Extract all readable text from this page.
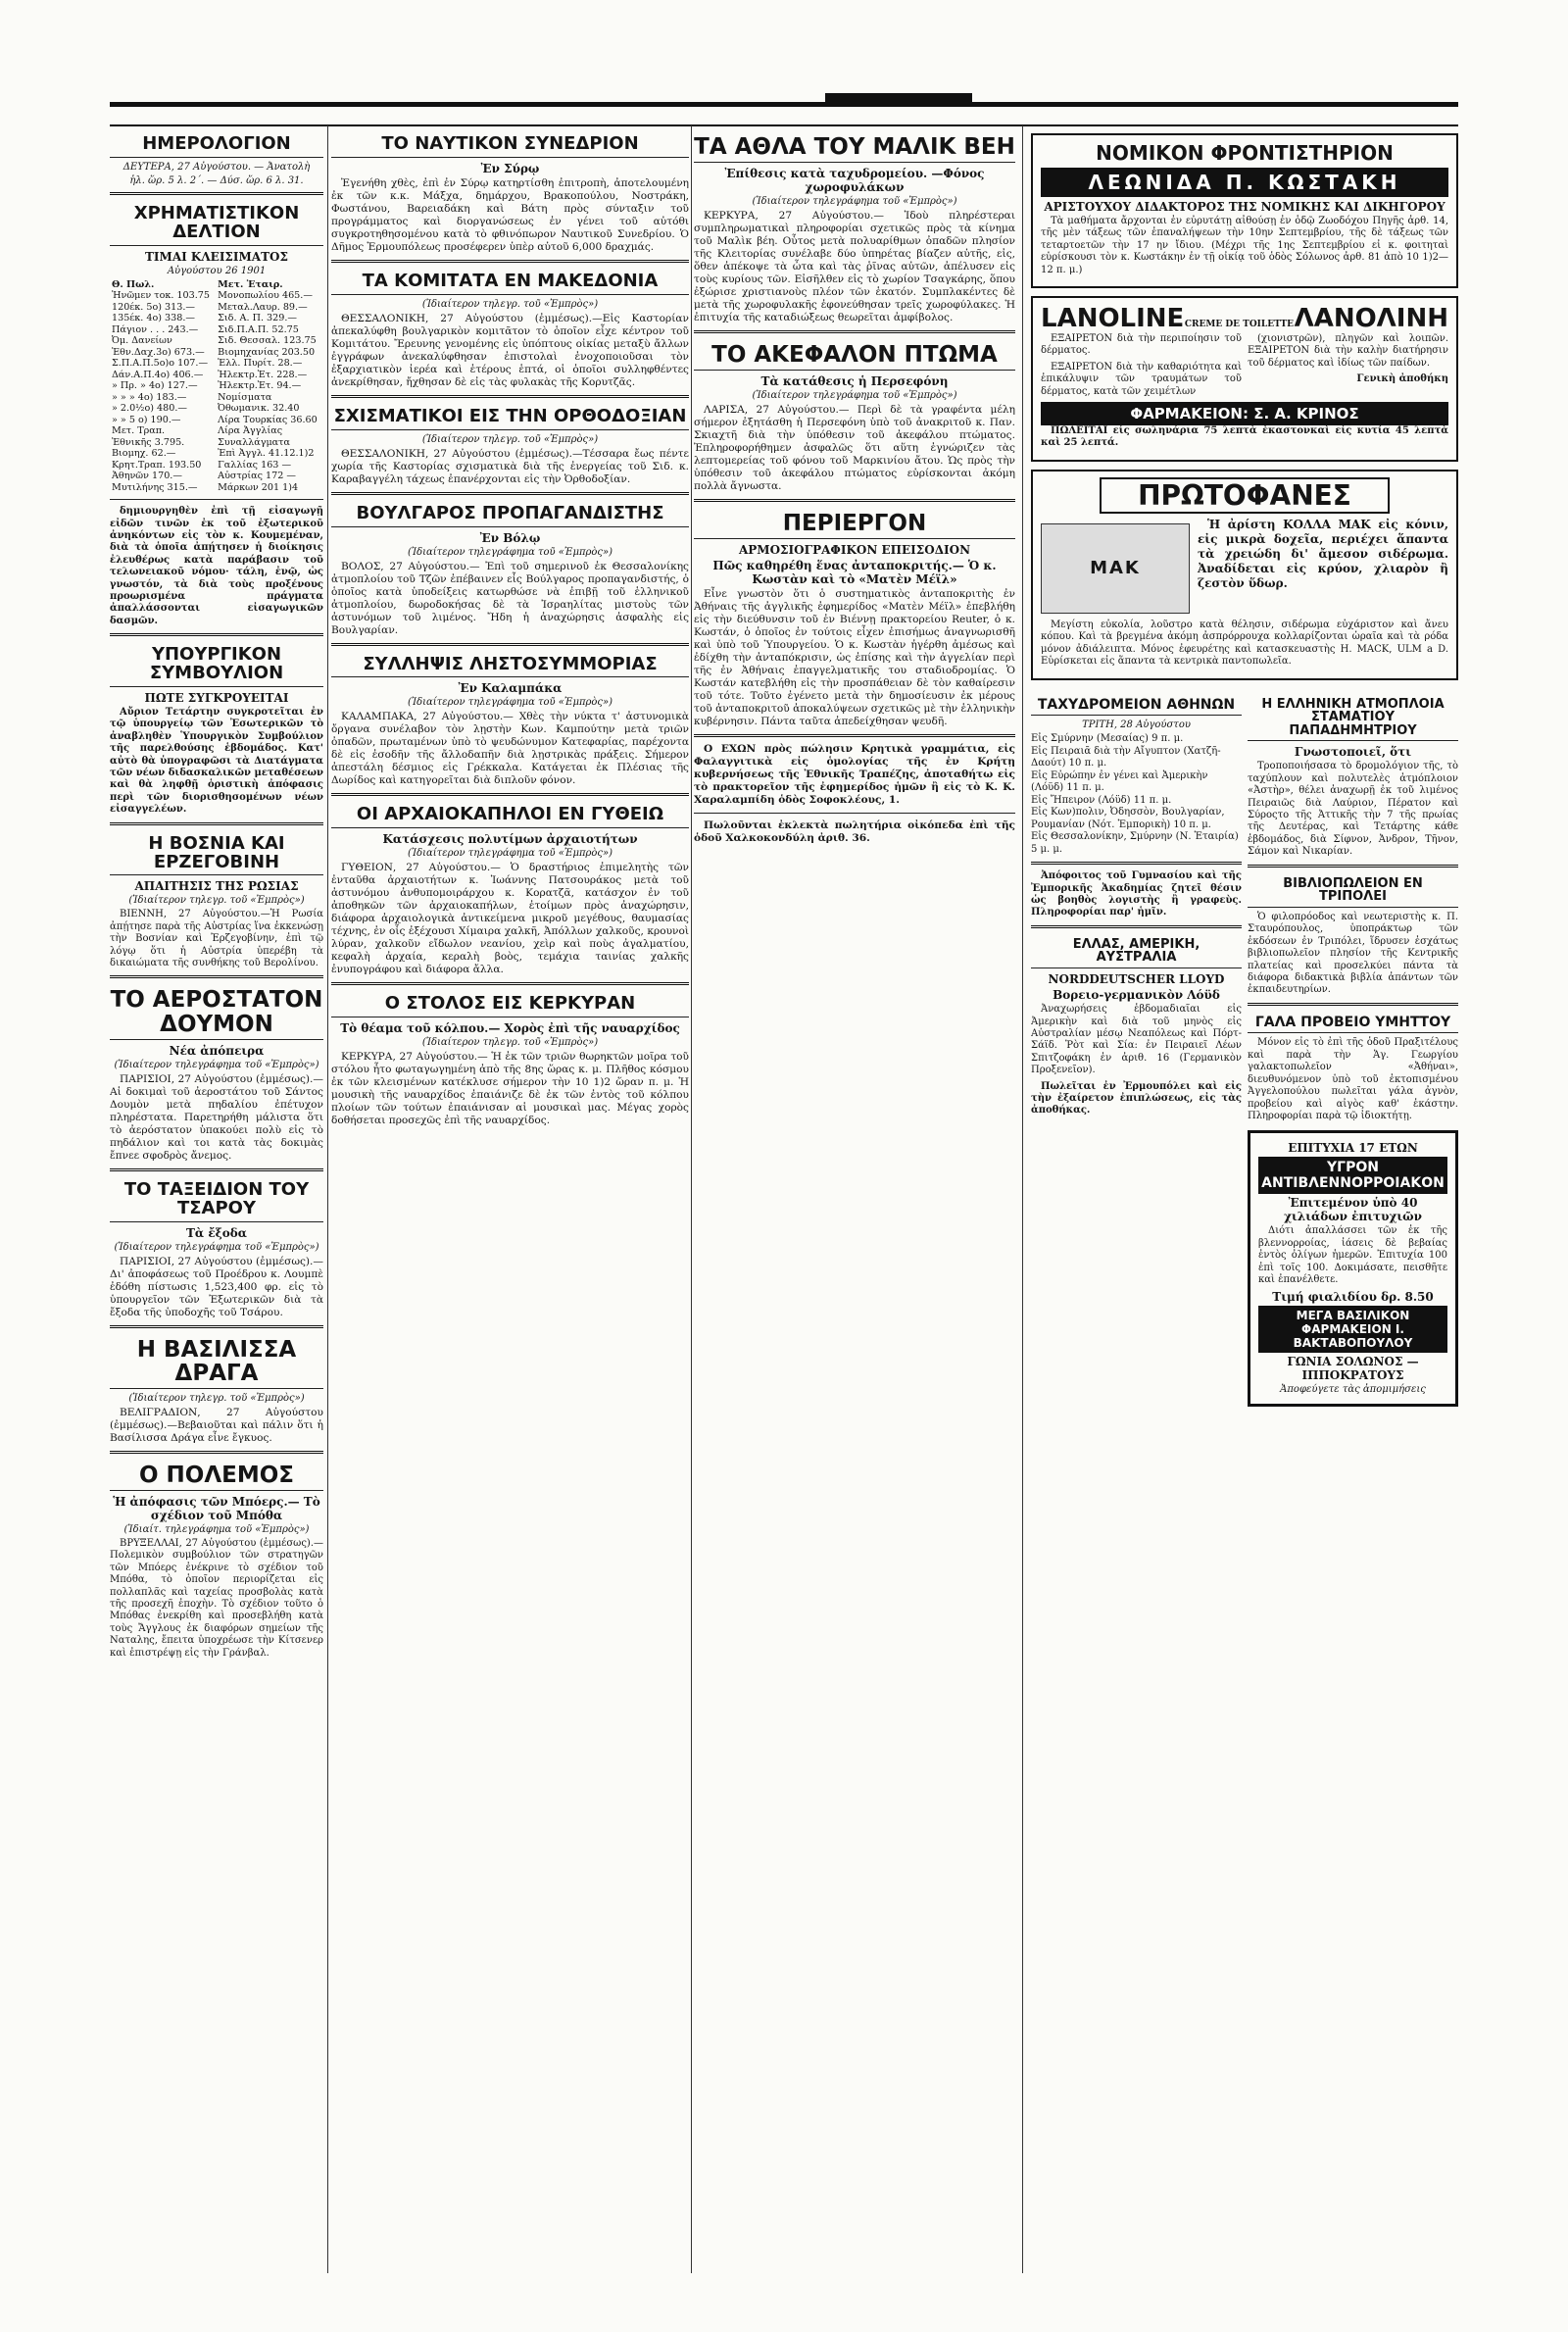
ΗΜΕΡΟΛΟΓΙΟΝ
ΔΕΥΤΕΡΑ, 27 Αὐγούστου. — Ἀνατολὴ
ἡλ. ὥρ. 5 λ. 2΄. — Δύσ. ὥρ. 6 λ. 31.
ΧΡΗΜΑΤΙΣΤΙΚΟΝ ΔΕΛΤΙΟΝ
ΤΙΜΑΙ ΚΛΕΙΣΙΜΑΤΟΣ
Αὐγούστου 26 1901
Θ. Πωλ.	Μετ. Ἑταιρ.
Ἡνῶμεν τοκ. 103.75	Μονοπωλίου 465.—
120έκ. 5ο) 313.—	Μεταλ.Λαυρ. 89.—
135έκ. 4ο) 338.—	Σιδ. Α. Π. 329.—
Πάγιον . . . 243.—	Σιδ.Π.Α.Π. 52.75
Ὀμ. Δανείων	Σιδ. Θεσσαλ. 123.75
Ἐθν.Δαχ.3ο) 673.—	Βιομηχανίας 203.50
Σ.Π.Α.Π.5ο)ο 107.—	Ἑλλ. Πυρίτ. 28.—
Δάν.Α.Π.4ο) 406.—	Ἠλεκτρ.Ἑτ. 228.—
» Πρ. » 4ο) 127.—	Ἠλεκτρ.Ἐτ. 94.—
» » » 4ο) 183.—	Νομίσματα
» 2.0½ο) 480.—	Ὀθωμανικ. 32.40
» » 5 ο) 190.—	Λίρα Τουρκίας 36.60
Μετ. Τραπ.	Λίρα Ἀγγλίας
Ἐθνικῆς 3.795.	Συναλλάγματα
Βιομηχ. 62.—	Ἐπὶ Ἀγγλ. 41.12.1)2
Κρητ.Τραπ. 193.50	Γαλλίας 163 —
Ἀθηνῶν 170.—	Αὐστρίας 172 —
Μυτιλήνης 315.—	Μάρκων 201 1)4

δημιουργηθὲν ἐπὶ τῇ εἰσαγωγῇ εἰδῶν τινῶν ἐκ τοῦ ἐξωτερικοῦ ἀνηκόντων εἰς τὸν κ. Κουμεμέναν, διὰ τὰ ὁποῖα ἀπῄτησεν ἡ διοίκησις ἐλευθέρως κατὰ παράβασιν τοῦ τελωνειακοῦ νόμου· τάλη, ἐνῷ, ὡς γνωστόν, τὰ διὰ τοὺς προξένους προωρισμένα πράγματα ἀπαλλάσσονται εἰσαγωγικῶν δασμῶν.

ΥΠΟΥΡΓΙΚΟΝ ΣΥΜΒΟΥΛΙΟΝ
ΠΩΤΕ ΣΥΓΚΡΟΥΕΙΤΑΙ

Αὔριον Τετάρτην συγκροτεῖται ἐν τῷ ὑπουργείῳ τῶν Ἐσωτερικῶν τὸ ἀναβληθὲν Ὑπουργικὸν Συμβούλιον τῆς παρελθούσης ἑβδομάδος. Κατ' αὐτὸ θὰ ὑπογραφῶσι τὰ Διατάγματα τῶν νέων διδασκαλικῶν μεταθέσεων καὶ θὰ ληφθῇ ὁριστικὴ ἀπόφασις περὶ τῶν διορισθησομένων νέων εἰσαγγελέων.

Η ΒΟΣΝΙΑ ΚΑΙ ΕΡΖΕΓΟΒΙΝΗ
ΑΠΑΙΤΗΣΙΣ ΤΗΣ ΡΩΣΙΑΣ
(Ἰδιαίτερον τηλεγρ. τοῦ «Ἐμπρὸς»)

ΒΙΕΝΝΗ, 27 Αὐγούστου.—Ἡ Ρωσία ἀπῄτησε παρὰ τῆς Αὐστρίας ἵνα ἐκκενώσῃ τὴν Βοσνίαν καὶ Ἐρζεγοβίνην, ἐπὶ τῷ λόγῳ ὅτι ἡ Αὐστρία ὑπερέβη τὰ δικαιώματα τῆς συνθήκης τοῦ Βερολίνου.

ΤΟ ΑΕΡΟΣΤΑΤΟΝ ΔΟΥΜΟΝ
Νέα ἀπόπειρα
(Ἰδιαίτερον τηλεγράφημα τοῦ «Ἐμπρὸς»)

ΠΑΡΙΣΙΟΙ, 27 Αὐγούστου (ἐμμέσως).—Αἱ δοκιμαὶ τοῦ ἀεροστάτου τοῦ Σάντος Δουμὸν μετὰ πηδαλίου ἐπέτυχον πληρέστατα. Παρετηρήθη μάλιστα ὅτι τὸ ἀερόστατον ὑπακούει πολὺ εἰς τὸ πηδάλιον καὶ τοι κατὰ τὰς δοκιμὰς ἔπνεε σφοδρὸς ἄνεμος.

ΤΟ ΤΑΞΕΙΔΙΟΝ ΤΟΥ ΤΣΑΡΟΥ
Τὰ ἔξοδα
(Ἰδιαίτερον τηλεγράφημα τοῦ «Ἐμπρὸς»)

ΠΑΡΙΣΙΟΙ, 27 Αὐγούστου (ἐμμέσως).—Δι' ἀποφάσεως τοῦ Προέδρου κ. Λουμπὲ ἐδόθη πίστωσις 1,523,400 φρ. εἰς τὸ ὑπουργεῖον τῶν Ἐξωτερικῶν διὰ τὰ ἔξοδα τῆς ὑποδοχῆς τοῦ Τσάρου.

Η ΒΑΣΙΛΙΣΣΑ ΔΡΑΓΑ
(Ἰδιαίτερον τηλεγρ. τοῦ «Ἐμπρὸς»)

ΒΕΛΙΓΡΑΔΙΟΝ, 27 Αὐγούστου (ἐμμέσως).—Βεβαιοῦται καὶ πάλιν ὅτι ἡ Βασίλισσα Δράγα εἶνε ἔγκυος.

Ο ΠΟΛΕΜΟΣ
Ἡ ἀπόφασις τῶν Μπόερς.— Τὸ σχέδιον τοῦ Μπόθα
(Ἰδιαίτ. τηλεγράφημα τοῦ «Ἐμπρὸς»)

ΒΡΥΞΕΛΛΑΙ, 27 Αὐγούστου (ἐμμέσως).—Πολεμικὸν συμβούλιον τῶν στρατηγῶν τῶν Μπόερς ἐνέκρινε τὸ σχέδιον τοῦ Μπόθα, τὸ ὁποῖον περιορίζεται εἰς πολλαπλᾶς καὶ ταχείας προσβολὰς κατὰ τῆς προσεχῆ ἐποχὴν. Τὸ σχέδιον τοῦτο ὁ Μπόθας ἐνεκρίθη καὶ προσεβλήθη κατὰ τοὺς Ἄγγλους ἐκ διαφόρων σημείων τῆς Ναταλης, ἔπειτα ὑποχρέωσε τὴν Κίτσενερ καὶ ἐπιστρέψῃ εἰς τὴν Γράνβαλ.

ΤΟ ΝΑΥΤΙΚΟΝ ΣΥΝΕΔΡΙΟΝ
Ἐν Σύρῳ

Ἐγενήθη χθὲς, ἐπὶ ἐν Σύρῳ κατηρτίσθη ἐπιτροπὴ, ἀποτελουμένη ἐκ τῶν κ.κ. Μάξχα, δημάρχου, Βρακοπούλου, Νοστράκη, Φωστάνου, Βαρειαδάκη καὶ Βάτη πρὸς σύνταξιν τοῦ προγράμματος καὶ διοργανώσεως ἐν γένει τοῦ αὐτόθι συγκροτηθησομένου κατὰ τὸ φθινόπωρον Ναυτικοῦ Συνεδρίου. Ὁ Δῆμος Ἑρμουπόλεως προσέφερεν ὑπὲρ αὐτοῦ 6,000 δραχμάς.

ΤΑ ΚΟΜΙΤΑΤΑ ΕΝ ΜΑΚΕΔΟΝΙΑ
(Ἰδιαίτερον τηλεγρ. τοῦ «Ἐμπρὸς»)

ΘΕΣΣΑΛΟΝΙΚΗ, 27 Αὐγούστου (ἐμμέσως).—Εἰς Καστορίαν ἀπεκαλύφθη βουλγαρικὸν κομιτᾶτον τὸ ὁποῖον εἶχε κέντρον τοῦ Κομιτάτου. Ἔρευνης γενομένης εἰς ὑπόπτους οἰκίας μεταξὺ ἄλλων ἐγγράφων ἀνεκαλύφθησαν ἐπιστολαὶ ἐνοχοποιοῦσαι τὸν ἐξαρχιατικὸν ἱερέα καὶ ἑτέρους ἑπτά, οἱ ὁποῖοι συλληφθέντες ἀνεκρίθησαν, ἤχθησαν δὲ εἰς τὰς φυλακὰς τῆς Κορυτζᾶς.

ΣΧΙΣΜΑΤΙΚΟΙ ΕΙΣ ΤΗΝ ΟΡΘΟΔΟΞΙΑΝ
(Ἰδιαίτερον τηλεγρ. τοῦ «Ἐμπρὸς»)

ΘΕΣΣΑΛΟΝΙΚΗ, 27 Αὐγούστου (ἐμμέσως).—Τέσσαρα ἔως πέντε χωρία τῆς Καστορίας σχισματικὰ διὰ τῆς ἐνεργείας τοῦ Σιδ. κ. Καραβαγγέλη τάχεως ἐπανέρχονται εἰς τὴν Ὀρθοδοξίαν.

ΒΟΥΛΓΑΡΟΣ ΠΡΟΠΑΓΑΝΔΙΣΤΗΣ
Ἐν Βόλῳ
(Ἰδιαίτερον τηλεγράφημα τοῦ «Ἐμπρὸς»)

ΒΟΛΟΣ, 27 Αὐγούστου.— Ἐπὶ τοῦ σημερινοῦ ἐκ Θεσσαλονίκης ἀτμοπλοίου τοῦ Τζῶν ἐπέβαινεν εἷς Βούλγαρος προπαγανδιστής, ὁ ὁποῖος κατὰ ὑποδείξεις κατωρθώσε νὰ ἐπιβῇ τοῦ ἑλληνικοῦ ἀτμοπλοίου, δωροδοκήσας δὲ τὰ Ἰσραηλίτας μιστοὺς τῶν ἀστυνόμων τοῦ λιμένος. Ἤδη ἡ ἀναχώρησις ἀσφαλὴς εἰς Βουλγαρίαν.

ΣΥΛΛΗΨΙΣ ΛΗΣΤΟΣΥΜΜΟΡΙΑΣ
Ἐν Καλαμπάκα
(Ἰδιαίτερον τηλεγράφημα τοῦ «Ἐμπρὸς»)

ΚΑΛΑΜΠΑΚΑ, 27 Αὐγούστου.— Χθὲς τὴν νύκτα τ' ἀστυνομικὰ ὄργανα συνέλαβον τὸν λῃστὴν Κων. Καμπούτην μετὰ τριῶν ὀπαδῶν, πρωταμένων ὑπὸ τὸ ψευδώνυμον Κατεφαρίας, παρέχοντα δὲ εἰς ἐσοδῆν τῆς ἄλλοδαπῆν διὰ λῃστρικὰς πράξεις. Σήμερον ἀπεστάλη δέσμιος εἰς Γρέκκαλα. Κατάγεται ἐκ Πλέσιας τῆς Δωρίδος καὶ κατηγορεῖται διὰ διπλοῦν φόνον.

ΟΙ ΑΡΧΑΙΟΚΑΠΗΛΟΙ ΕΝ ΓΥΘΕΙΩ
Κατάσχεσις πολυτίμων ἀρχαιοτήτων
(Ἰδιαίτερον τηλεγράφημα τοῦ «Ἐμπρὸς»)

ΓΥΘΕΙΟΝ, 27 Αὐγούστου.— Ὁ δραστήριος ἐπιμελητὴς τῶν ἐνταῦθα ἀρχαιοτήτων κ. Ἰωάννης Πατσουράκος μετὰ τοῦ ἀστυνόμου ἀνθυπομοιράρχου κ. Κορατζᾶ, κατάσχον ἐν τοῦ ἀποθηκῶν τῶν ἀρχαιοκαπήλων, ἐτοίμων πρὸς ἀναχώρησιν, διάφορα ἀρχαιολογικὰ ἀντικείμενα μικροῦ μεγέθους, θαυμασίας τέχνης, ἐν οἷς ἐξέχουσι Χίμαιρα χαλκῆ, Ἀπόλλων χαλκοῦς, κρουνοὶ λύραν, χαλκοῦν εἴδωλον νεανίου, χεὶρ καὶ ποὺς ἀγαλματίου, κεφαλὴ ἀρχαία, κεραλὴ βοὸς, τεμάχια ταινίας χαλκῆς ἐνυπογράφου καὶ διάφορα ἄλλα.

Ο ΣΤΟΛΟΣ ΕΙΣ ΚΕΡΚΥΡΑΝ
Τὸ θέαμα τοῦ κόλπου.— Χορὸς ἐπὶ τῆς ναυαρχίδος
(Ἰδιαίτερον τηλεγρ. τοῦ «Ἐμπρὸς»)

ΚΕΡΚΥΡΑ, 27 Αὐγούστου.— Ἡ ἐκ τῶν τριῶν θωρηκτῶν μοῖρα τοῦ στόλου ἦτο φωταγωγημένη ἀπὸ τῆς 8ης ὥρας κ. μ. Πλῆθος κόσμου ἐκ τῶν κλεισμένων κατέκλυσε σήμερον τὴν 10 1)2 ὥραν π. μ. Ἡ μουσικὴ τῆς ναυαρχίδος ἐπαιάνιζε δὲ ἐκ τῶν ἐντὸς τοῦ κόλπου πλοίων τῶν τούτων ἐπαιάνισαν αἱ μουσικαὶ μας. Μέγας χορὸς δοθήσεται προσεχῶς ἐπὶ τῆς ναυαρχίδος.

ΤΑ ΑΘΛΑ ΤΟΥ ΜΑΛΙΚ ΒΕΗ
Ἐπίθεσις κατὰ ταχυδρομείου. —Φόνος χωροφυλάκων
(Ἰδιαίτερον τηλεγράφημα τοῦ «Ἐμπρὸς»)

ΚΕΡΚΥΡΑ, 27 Αὐγούστου.— Ἰδοὺ πληρέστεραι συμπληρωματικαὶ πληροφορίαι σχετικῶς πρὸς τὰ κίνημα τοῦ Μαλὶκ βέη. Οὗτος μετὰ πολυαρίθμων ὀπαδῶν πλησίον τῆς Κλειτορίας συνέλαβε δύο ὑπηρέτας βίαζεν αὐτῆς, εἰς, ὅθεν ἀπέκοψε τὰ ὦτα καὶ τὰς ῥῖνας αὐτῶν, ἀπέλυσεν εἰς τοὺς κυρίους τῶν. Εἰσῆλθεν εἰς τὸ χωρίον Τσαγκάρης, ὅπου ἐξώρισε χριστιανοὺς πλέον τῶν ἑκατόν. Συμπλακέντες δὲ μετὰ τῆς χωροφυλακῆς ἐφονεύθησαν τρεῖς χωροφύλακες. Ἡ ἐπιτυχία τῆς καταδιώξεως θεωρεῖται ἀμφίβολος.

ΤΟ ΑΚΕΦΑΛΟΝ ΠΤΩΜΑ
Τὰ κατάθεσις ἡ Περσεφόνη
(Ἰδιαίτερον τηλεγράφημα τοῦ «Ἐμπρὸς»)

ΛΑΡΙΣΑ, 27 Αὐγούστου.— Περὶ δὲ τὰ γραφέντα μέλη σήμερον ἐξητάσθη ἡ Περσεφόνη ὑπὸ τοῦ ἀνακριτοῦ κ. Παν. Σκιαχτῆ διὰ τὴν ὑπόθεσιν τοῦ ἀκεφάλου πτώματος. Ἐπληροφορήθημεν ἀσφαλῶς ὅτι αὕτη ἐγνώριζεν τὰς λεπτομερείας τοῦ φόνου τοῦ Μαρκινίου ἄτου. Ὡς πρὸς τὴν ὑπόθεσιν τοῦ ἀκεφάλου πτώματος εὑρίσκονται ἀκόμη πολλὰ ἄγνωστα.

ΠΕΡΙΕΡΓΟΝ
ΑΡΜΟΣΙΟΓΡΑΦΙΚΟΝ ΕΠΕΙΣΟΔΙΟΝ
Πῶς καθηρέθη ἕνας ἀνταποκριτής.— Ὁ κ. Κωστὰν καὶ τὸ «Ματὲν Μέϊλ»

Εἶνε γνωστὸν ὅτι ὁ συστηματικὸς ἀνταποκριτὴς ἐν Ἀθήναις τῆς ἀγγλικῆς ἐφημερίδος «Ματὲν Μέϊλ» ἐπεβλήθη εἰς τὴν διεύθυνσιν τοῦ ἐν Βιέννῃ πρακτορείου Reuter, ὁ κ. Κωστάν, ὁ ὁποῖος ἐν τούτοις εἶχεν ἐπισήμως ἀναγνωρισθῆ καὶ ὑπὸ τοῦ Ὑπουργείου. Ὁ κ. Κωστὰν ἠγέρθη ἀμέσως καὶ ἐδίχθη τὴν ἀνταπόκρισιν, ὡς ἐπίσης καὶ τὴν ἀγγελίαν περὶ τῆς ἐν Ἀθήναις ἐπαγγελματικῆς του σταδιοδρομίας. Ὁ Κωστάν κατεβλήθη εἰς τὴν προσπάθειαν δὲ τὸν καθαίρεσιν τοῦ τότε. Τοῦτο ἐγένετο μετὰ τὴν δημοσίευσιν ἐκ μέρους τοῦ ἀνταποκριτοῦ ἀποκαλύψεων σχετικῶς μὲ τὴν ἑλληνικὴν κυβέρνησιν. Πάντα ταῦτα ἀπεδείχθησαν ψευδῆ.

Ο ΕΧΩΝ πρὸς πώλησιν Κρητικὰ γραμμάτια, εἰς Φαλαγγιτικὰ εἰς ὁμολογίας τῆς ἐν Κρήτῃ κυβερνήσεως τῆς Ἐθνικῆς Τραπέζης, ἀποταθήτω εἰς τὸ πρακτορεῖον τῆς ἐφημερίδος ἡμῶν ἢ εἰς τὸ Κ. Κ. Χαραλαμπίδη ὁδὸς Σοφοκλέους, 1.

Πωλοῦνται ἐκλεκτὰ πωλητήρια οἰκόπεδα ἐπὶ τῆς ὁδοῦ Χαλκοκονδύλη ἀριθ. 36.

ΝΟΜΙΚΟΝ ΦΡΟΝΤΙΣΤΗΡΙΟΝ
ΛΕΩΝΙΔΑ Π. ΚΩΣΤΑΚΗ
ΑΡΙΣΤΟΥΧΟΥ ΔΙΔΑΚΤΟΡΟΣ ΤΗΣ ΝΟΜΙΚΗΣ ΚΑΙ ΔΙΚΗΓΟΡΟΥ

Τὰ μαθήματα ἄρχονται ἐν εὐρυτάτῃ αἰθούσῃ ἐν ὁδῷ Ζωοδόχου Πηγῆς ἀρθ. 14, τῆς μὲν τάξεως τῶν ἐπαναλήψεων τὴν 10ην Σεπτεμβρίου, τῆς δὲ τάξεως τῶν τεταρτοετῶν τὴν 17 ην ἴδιου. (Μέχρι τῆς 1ης Σεπτεμβρίου εἰ κ. φοιτηταὶ εὑρίσκουσι τὸν κ. Κωστάκην ἐν τῇ οἰκίᾳ τοῦ ὁδὸς Σόλωνος ἀρθ. 81 ἀπὸ 10 1)2—12 π. μ.)

LANOLINE CREME DE TOILETTE ΛΑΝΟΛΙΝΗ

ΕΞΑΙΡΕΤΟΝ διὰ τὴν περιποίησιν τοῦ δέρματος.

ΕΞΑΙΡΕΤΟΝ διὰ τὴν καθαριότητα καὶ ἐπικάλυψιν τῶν τραυμάτων τοῦ δέρματος, κατὰ τῶν χειμέτλων

(χιονιστρῶν), πληγῶν καὶ λοιπῶν. ΕΞΑΙΡΕΤΟΝ διὰ τὴν καλὴν διατήρησιν τοῦ δέρματος καὶ ἰδίως τῶν παίδων.

Γενικὴ ἀποθήκη

ΦΑΡΜΑΚΕΙΟΝ: Σ. Α. ΚΡΙΝΟΣ

ΠΩΛΕΙΤΑΙ εἰς σωληνάρια 75 λεπτὰ ἑκαστονκαὶ εἰς κυτία 45 λεπτὰ καὶ 25 λεπτά.

ΠΡΩΤΟΦΑΝΕΣ
ΜΑΚ

Ἡ ἀρίστη ΚΟΛΛΑ ΜΑΚ εἰς κόνιν, εἰς μικρὰ δοχεῖα, περιέχει ἅπαντα τὰ χρειώδη δι' ἄμεσον σιδέρωμα. Ἀναδίδεται εἰς κρύον, χλιαρὸν ἢ ζεστὸν ὕδωρ.

Μεγίστη εὐκολία, λοῦστρο κατὰ θέλησιν, σιδέρωμα εὐχάριστον καὶ ἄνευ κόπου. Καὶ τὰ βρεγμένα ἀκόμη ἀσπρόρρουχα κολλαρίζονται ὡραῖα καὶ τὰ ρόδα μόνον ἀδιάλειπτα. Μόνος ἐφευρέτης καὶ κατασκευαστὴς Η. ΜΑCΚ, ULM a D. Εὑρίσκεται εἰς ἅπαντα τὰ κεντρικὰ παντοπωλεῖα.

ΤΑΧΥΔΡΟΜΕΙΟΝ ΑΘΗΝΩΝ
ΤΡΙΤΗ, 28 Αὐγούστου
Εἰς Σμύρνην (Μεσαίας) 9 π. μ.
Εἰς Πειραιᾶ διὰ τὴν Αἴγυπτον (Χατζῆ-Δαούτ) 10 π. μ.
Εἰς Εὐρώπην ἐν γένει καὶ Ἀμερικὴν (Λόϋδ) 11 π. μ.
Εἰς Ἤπειρον (Λόϋδ) 11 π. μ.
Εἰς Κων)πολιν, Ὀδησσὸν, Βουλγαρίαν, Ρουμανίαν (Νότ. Ἐμπορικὴ) 10 π. μ.
Εἰς Θεσσαλονίκην, Σμύρνην (Ν. Ἑταιρία) 5 μ. μ.

Ἀπόφοιτος τοῦ Γυμνασίου καὶ τῆς Ἐμπορικῆς Ἀκαδημίας ζητεῖ θέσιν ὡς βοηθὸς λογιστὴς ἢ γραφεὺς. Πληροφορίαι παρ' ἡμῖν.

ΕΛΛΑΣ, ΑΜΕΡΙΚΗ, ΑΥΣΤΡΑΛΙΑ
NORDDEUTSCHER LLOYD
Βορειο-γερμανικὸν Λόϋδ

Ἀναχωρήσεις ἑβδομαδιαῖαι εἰς Ἀμερικὴν καὶ διὰ τοῦ μηνὸς εἰς Αὐστραλίαν μέσῳ Νεαπόλεως καὶ Πόρτ-Σάϊδ. Ῥὸτ καὶ Σία: ἐν Πειραιεῖ Λέων Σπιτζοφάκη ἐν ἀριθ. 16 (Γερμανικὸν Προξενεῖον).

Πωλεῖται ἐν Ἐρμουπόλει καὶ εἰς τὴν ἐξαίρετον ἐπιπλώσεως, εἰς τὰς ἀποθήκας.

Η ΕΛΛΗΝΙΚΗ ΑΤΜΟΠΛΟΙΑ ΣΤΑΜΑΤΙΟΥ ΠΑΠΑΔΗΜΗΤΡΙΟΥ
Γνωστοποιεῖ, ὅτι

Τροποποιήσασα τὸ δρομολόγιον τῆς, τὸ ταχύπλουν καὶ πολυτελὲς ἀτμόπλοιον «Ἀστὴρ», θέλει ἀναχωρῇ ἐκ τοῦ λιμένος Πειραιῶς διὰ Λαύριον, Πέρατον καὶ Σύροςτο τῆς Ἀττικῆς τὴν 7 τῆς πρωίας τῆς Δευτέρας, καὶ Τετάρτης κάθε ἑβδομάδος, διὰ Σίφνον, Ἀνδρον, Τῆνον, Σάμον καὶ Νικαρίαν.

ΒΙΒΛΙΟΠΩΛΕΙΟΝ ΕΝ ΤΡΙΠΟΛΕΙ

Ὁ φιλοπρόοδος καὶ νεωτεριστὴς κ. Π. Σταυρόπουλος, ὑποπράκτωρ τῶν ἐκδόσεων ἐν Τριπόλει, ἵδρυσεν ἐσχάτως βιβλιοπωλεῖον πλησίον τῆς Κεντρικῆς πλατείας καὶ προσελκύει πάντα τὰ διάφορα διδακτικὰ βιβλία ἀπάντων τῶν ἐκπαιδευτηρίων.

ΓΑΛΑ ΠΡΟΒΕΙΟ ΥΜΗΤΤΟΥ

Μόνον εἰς τὸ ἐπὶ τῆς ὁδοῦ Πραξιτέλους καὶ παρὰ τὴν Ἁγ. Γεωργίου γαλακτοπωλεῖον «Ἀθήναι», διευθυνόμενον ὑπὸ τοῦ ἐκτοπισμένου Ἀγγελοπούλου πωλεῖται γάλα ἀγνὸν, προβείου καὶ αἰγὸς καθ' ἑκάστην. Πληροφορίαι παρὰ τῷ ἰδιοκτήτῃ.

ΕΠΙΤΥΧΙΑ 17 ΕΤΩΝ
ΥΓΡΟΝ ΑΝΤΙΒΛΕΝΝΟΡΡΟΙΑΚΟΝ
Ἐπιτεμένον ὑπὸ 40 χιλιάδων ἐπιτυχιῶν

Διότι ἀπαλλάσσει τῶν ἐκ τῆς βλεννορροίας, ἰάσεις δὲ βεβαίας ἐντὸς ὀλίγων ἡμερῶν. Ἐπιτυχία 100 ἐπὶ τοῖς 100. Δοκιμάσατε, πεισθῆτε καὶ ἐπανέλθετε.

Τιμή φιαλιδίου δρ. 8.50
ΜΕΓΑ ΒΑΣΙΛΙΚΟΝ ΦΑΡΜΑΚΕΙΟΝ Ι. ΒΑΚΤΑΒΟΠΟΥΛΟΥ
ΓΩΝΙΑ ΣΟΛΩΝΟΣ — ΙΠΠΟΚΡΑΤΟΥΣ
Ἀποφεύγετε τὰς ἀπομιμήσεις
